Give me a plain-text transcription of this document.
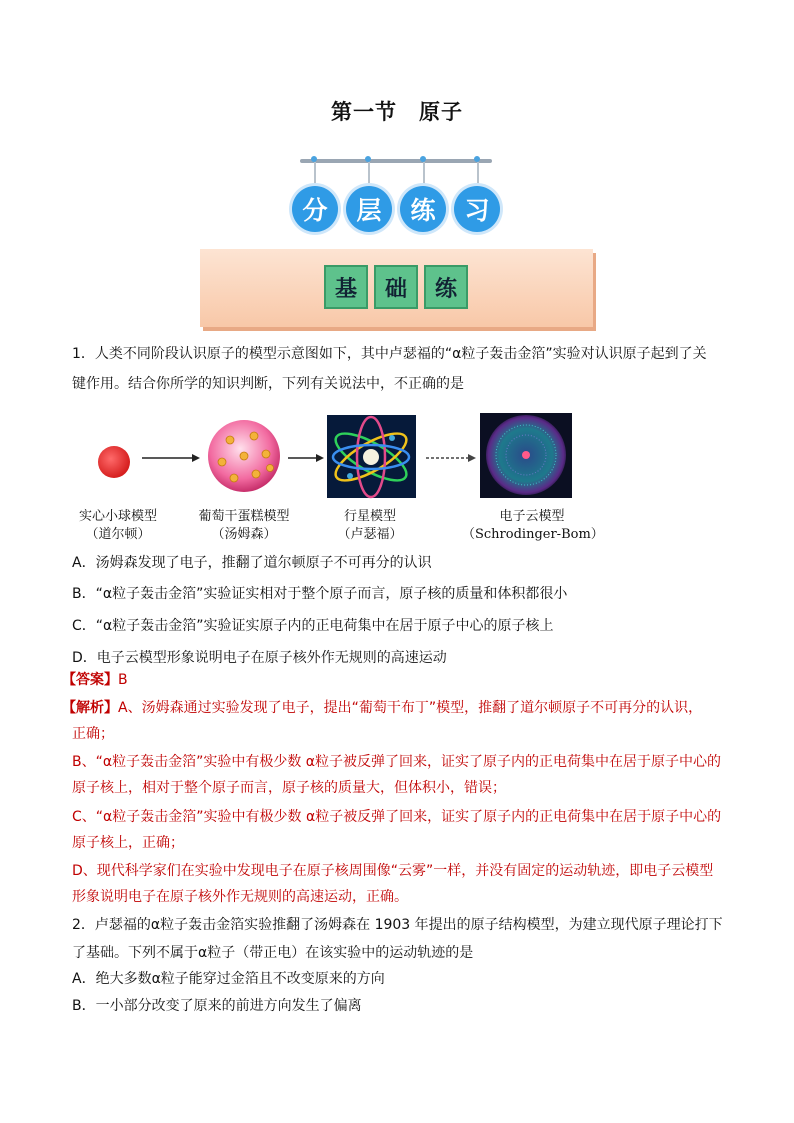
第一节　原子
分	层	练	习
基	础	练
1．人类不同阶段认识原子的模型示意图如下，其中卢瑟福的“α粒子轰击金箔”实验对认识原子起到了关
键作用。结合你所学的知识判断，下列有关说法中，不正确的是
实心小球模型
（道尔顿）
葡萄干蛋糕模型
（汤姆森）
行星模型
（卢瑟福）
电子云模型
（Schrodinger-Bom）
A．汤姆森发现了电子，推翻了道尔顿原子不可再分的认识
B．“α粒子轰击金箔”实验证实相对于整个原子而言，原子核的质量和体积都很小
C．“α粒子轰击金箔”实验证实原子内的正电荷集中在居于原子中心的原子核上
D．电子云模型形象说明电子在原子核外作无规则的高速运动
【答案】B
【解析】A、汤姆森通过实验发现了电子，提出“葡萄干布丁”模型，推翻了道尔顿原子不可再分的认识，
正确；
B、“α粒子轰击金箔”实验中有极少数 α粒子被反弹了回来，证实了原子内的正电荷集中在居于原子中心的
原子核上，相对于整个原子而言，原子核的质量大，但体积小，错误；
C、“α粒子轰击金箔”实验中有极少数 α粒子被反弹了回来，证实了原子内的正电荷集中在居于原子中心的
原子核上，正确；
D、现代科学家们在实验中发现电子在原子核周围像“云雾”一样，并没有固定的运动轨迹，即电子云模型
形象说明电子在原子核外作无规则的高速运动，正确。
2．卢瑟福的α粒子轰击金箔实验推翻了汤姆森在 1903 年提出的原子结构模型，为建立现代原子理论打下
了基础。下列不属于α粒子（带正电）在该实验中的运动轨迹的是
A．绝大多数α粒子能穿过金箔且不改变原来的方向
B．一小部分改变了原来的前进方向发生了偏离
